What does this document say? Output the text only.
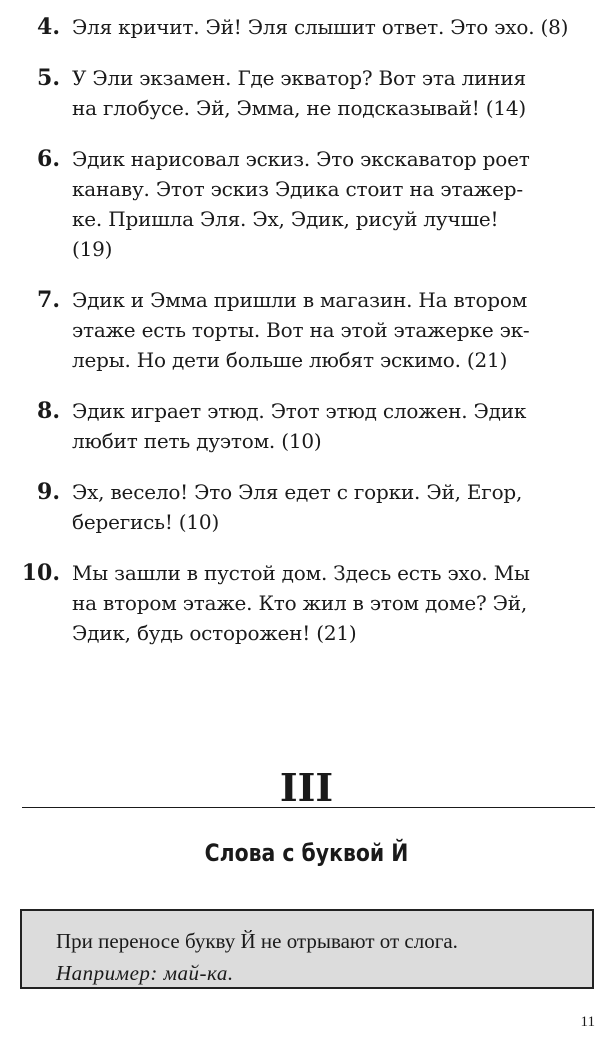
4. Эля кричит. Эй! Эля слышит ответ. Это эхо. (8)
5. У Эли экзамен. Где экватор? Вот эта линия
на глобусе. Эй, Эмма, не подсказывай! (14)
6. Эдик нарисовал эскиз. Это экскаватор роет
канаву. Этот эскиз Эдика стоит на этажер-
ке. Пришла Эля. Эх, Эдик, рисуй лучше!
(19)
7. Эдик и Эмма пришли в магазин. На втором
этаже есть торты. Вот на этой этажерке эк-
леры. Но дети больше любят эскимо. (21)
8. Эдик играет этюд. Этот этюд сложен. Эдик
любит петь дуэтом. (10)
9. Эх, весело! Это Эля едет с горки. Эй, Егор,
берегись! (10)
10. Мы зашли в пустой дом. Здесь есть эхо. Мы
на втором этаже. Кто жил в этом доме? Эй,
Эдик, будь осторожен! (21)
III
Слова с буквой Й
При переносе букву Й не отрывают от слога.
Например: май-ка.
11
